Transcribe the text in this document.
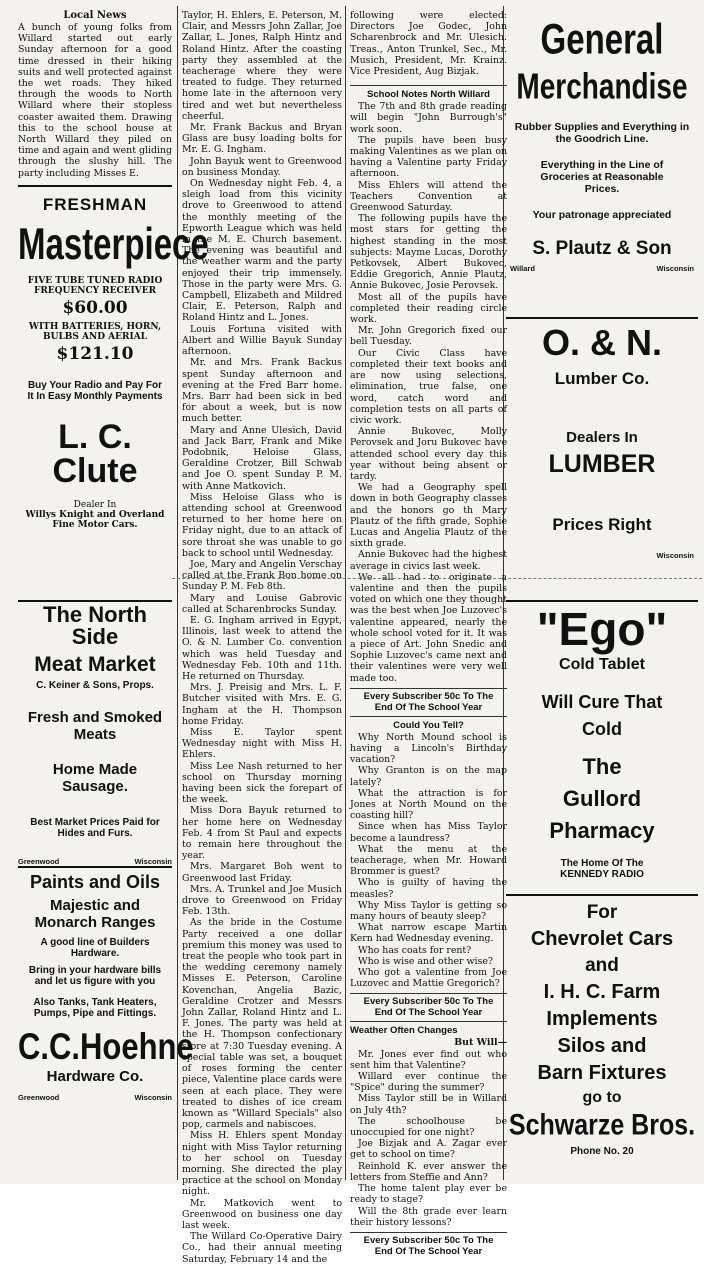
Local News

A bunch of young folks from Willard started out early Sunday afternoon for a good time dressed in their hiking suits and well protected against the wet roads. They hiked through the woods to North Willard where their stopless coaster awaited them. Drawing this to the school house at North Willard they piled on time and again and went gliding through the slushy hill. The party including Misses E.

FRESHMAN

Masterpiece

FIVE TUBE TUNED RADIO

FREQUENCY RECEIVER

$60.00

WITH BATTERIES, HORN,

BULBS AND AERIAL

$121.10

Buy Your Radio and Pay For

It In Easy Monthly Payments

L. C. Clute

Dealer In

Willys Knight and Overland

Fine Motor Cars.

The North Side

Meat Market

C. Keiner & Sons, Props.

Fresh and Smoked

Meats

Home Made Sausage.

Best Market Prices Paid for

Hides and Furs.

Greenwood	Wisconsin

Paints and Oils

Majestic and

Monarch Ranges

A good line of Builders

Hardware.

Bring in your hardware bills

and let us figure with you

Also Tanks, Tank Heaters,

Pumps, Pipe and Fittings.

C.C.Hoehne

Hardware Co.

Greenwood	Wisconsin

Taylor, H. Ehlers, E. Peterson, M. Clair, and Messrs John Zallar, Joe Zallar, L. Jones, Ralph Hintz and Roland Hintz. After the coasting party they assembled at the teacherage where they were treated to fudge. They returned home late in the afternoon very tired and wet but nevertheless cheerful.

Mr. Frank Backus and Bryan Glass are busy loading bolts for Mr. E. G. Ingham.

John Bayuk went to Greenwood on business Monday.

On Wednesday night Feb. 4, a sleigh load from this vicinity drove to Greenwood to attend the monthly meeting of the Epworth League which was held in the M. E. Church basement. The evening was beautiful and the weather warm and the party enjoyed their trip immensely. Those in the party were Mrs. G. Campbell, Elizabeth and Mildred Clair, E. Peterson, Ralph and Roland Hintz and L. Jones.

Louis Fortuna visited with Albert and Willie Bayuk Sunday afternoon.

Mr. and Mrs. Frank Backus spent Sunday afternoon and evening at the Fred Barr home. Mrs. Barr had been sick in bed for about a week, but is now much better.

Mary and Anne Ulesich, David and Jack Barr, Frank and Mike Podobnik, Heloise Glass, Geraldine Crotzer, Bill Schwab and Joe O. spent Sunday P. M. with Anne Matkovich.

Miss Heloise Glass who is attending school at Greenwood returned to her home here on Friday night, due to an attack of sore throat she was unable to go back to school until Wednesday.

Joe, Mary and Angelin Verschay called at the Frank Bon home on Sunday P. M. Feb 8th.

Mary and Louise Gabrovic called at Scharenbrocks Sunday.

E. G. Ingham arrived in Egypt, Illinois, last week to attend the O. & N. Lumber Co. convention which was held Tuesday and Wednesday Feb. 10th and 11th. He returned on Thursday.

Mrs. J. Preisig and Mrs. L. F. Butcher visited with Mrs. E. G. Ingham at the H. Thompson home Friday.

Miss E. Taylor spent Wednesday night with Miss H. Ehlers.

Miss Lee Nash returned to her school on Thursday morning having been sick the forepart of the week.

Miss Dora Bayuk returned to her home here on Wednesday Feb. 4 from St Paul and expects to remain here throughout the year.

Mrs. Margaret Boh went to Greenwood last Friday.

Mrs. A. Trunkel and Joe Musich drove to Greenwood on Friday Feb. 13th.

As the bride in the Costume Party received a one dollar premium this money was used to treat the people who took part in the wedding ceremony namely Misses E. Peterson, Caroline Kovenchan, Angelia Bazic, Geraldine Crotzer and Messrs John Zallar, Roland Hintz and L. F. Jones. The party was held at the H. Thompson confectionary store at 7:30 Tuesday evening. A special table was set, a bouquet of roses forming the center piece, Valentine place cards were seen at each place. They were treated to dishes of ice cream known as "Willard Specials" also pop, carmels and nabiscoes.

Miss H. Ehlers spent Monday night with Miss Taylor returning to her school on Tuesday morning. She directed the play practice at the school on Monday night.

Mr. Matkovich went to Greenwood on business one day last week.

The Willard Co-Operative Dairy Co., had their annual meeting Saturday, February 14 and the

following were elected: Directors Joe Godec, John Scharenbrock and Mr. Ulesich. Treas., Anton Trunkel, Sec., Mr. Musich, President, Mr. Krainz. Vice President, Aug Bizjak.

School Notes North Willard

The 7th and 8th grade reading will begin "John Burrough's" work soon.

The pupils have been busy making Valentines as we plan on having a Valentine party Friday afternoon.

Miss Ehlers will attend the Teachers Convention at Greenwood Saturday.

The following pupils have the most stars for getting the highest standing in the most subjects: Mayme Lucas, Dorothy Petkovsek, Albert Bukovec, Eddie Gregorich, Annie Plautz, Annie Bukovec, Josie Perovsek.

Most all of the pupils have completed their reading circle work.

Mr. John Gregorich fixed our bell Tuesday.

Our Civic Class have completed their text books and are now using selections, elimination, true false, one word, catch word and completion tests on all parts of civic work.

Annie Bukovec, Molly Perovsek and Joru Bukovec have attended school every day this year without being absent or tardy.

We had a Geography spell down in both Geography classes and the honors go th Mary Plautz of the fifth grade, Sophie Lucas and Angelia Plautz of the sixth grade.

Annie Bukovec had the highest average in civics last week.

We all had to originate a valentine and then the pupils voted on which one they thought was the best when Joe Luzovec's valentine appeared, nearly the whole school voted for it. It was a piece of Art. John Snedic and Sophie Luzovec's came next and their valentines were very well made too.

Every Subscriber 50c To The

End Of The School Year

Could You Tell?

Why North Mound school is having a Lincoln's Birthday vacation?

Why Granton is on the map lately?

What the attraction is for Jones at North Mound on the coasting hill?

Since when has Miss Taylor become a laundress?

What the menu at the teacherage, when Mr. Howard Brommer is guest?

Who is guilty of having the measles?

Why Miss Taylor is getting so many hours of beauty sleep?

What narrow escape Martin Kern had Wednesday evening.

Who has coats for rent?

Who is wise and other wise?

Who got a valentine from Joe Luzovec and Mattie Gregorich?

Every Subscriber 50c To The

End Of The School Year

Weather Often Changes

But Will—

Mr. Jones ever find out who sent him that Valentine?

Willard ever continue the "Spice" during the summer?

Miss Taylor still be in Willard on July 4th?

The schoolhouse be unoccupied for one night?

Joe Bizjak and A. Zagar ever get to school on time?

Reinhold K. ever answer the letters from Steffie and Ann?

The home talent play ever be ready to stage?

Will the 8th grade ever learn their history lessons?

Every Subscriber 50c To The

End Of The School Year

General

Merchandise

Rubber Supplies and Everything in the Goodrich Line.

Everything in the Line of Groceries at Reasonable Prices.

Your patronage appreciated

S. Plautz & Son

Willard	Wisconsin

O. & N.

Lumber Co.

Dealers In

LUMBER

Prices Right

Wisconsin

"Ego"

Cold Tablet

Will Cure That

Cold

The

Gullord

Pharmacy

The Home Of The

KENNEDY RADIO

For

Chevrolet Cars

and

I. H. C. Farm

Implements

Silos and

Barn Fixtures

go to

Schwarze Bros.

Phone No. 20
